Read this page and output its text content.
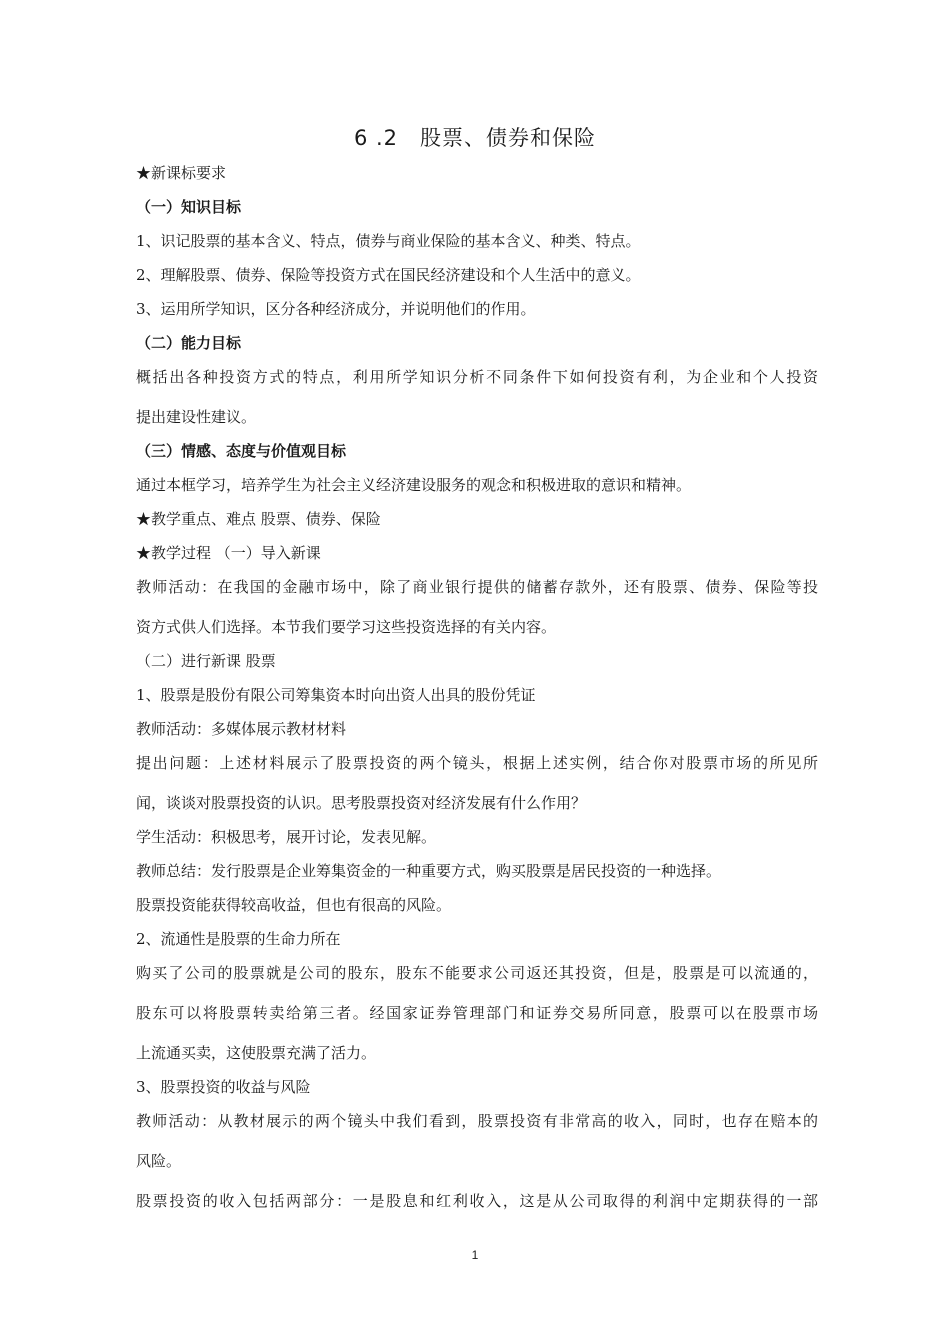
6 .2　股票、债券和保险

★新课标要求

（一）知识目标

1、识记股票的基本含义、特点，债券与商业保险的基本含义、种类、特点。

2、理解股票、债券、保险等投资方式在国民经济建设和个人生活中的意义。

3、运用所学知识，区分各种经济成分，并说明他们的作用。

（二）能力目标

概括出各种投资方式的特点，利用所学知识分析不同条件下如何投资有利，为企业和个人投资

提出建设性建议。

（三）情感、态度与价值观目标

通过本框学习，培养学生为社会主义经济建设服务的观念和积极进取的意识和精神。

★教学重点、难点 股票、债券、保险

★教学过程 （一）导入新课

教师活动：在我国的金融市场中，除了商业银行提供的储蓄存款外，还有股票、债券、保险等投

资方式供人们选择。本节我们要学习这些投资选择的有关内容。

（二）进行新课 股票

1、股票是股份有限公司筹集资本时向出资人出具的股份凭证

教师活动：多媒体展示教材材料

提出问题：上述材料展示了股票投资的两个镜头，根据上述实例，结合你对股票市场的所见所

闻，谈谈对股票投资的认识。思考股票投资对经济发展有什么作用？

学生活动：积极思考，展开讨论，发表见解。

教师总结：发行股票是企业筹集资金的一种重要方式，购买股票是居民投资的一种选择。

股票投资能获得较高收益，但也有很高的风险。

2、流通性是股票的生命力所在

购买了公司的股票就是公司的股东，股东不能要求公司返还其投资，但是，股票是可以流通的，

股东可以将股票转卖给第三者。经国家证券管理部门和证券交易所同意，股票可以在股票市场

上流通买卖，这使股票充满了活力。

3、股票投资的收益与风险

教师活动：从教材展示的两个镜头中我们看到，股票投资有非常高的收入，同时，也存在赔本的

风险。

股票投资的收入包括两部分：一是股息和红利收入，这是从公司取得的利润中定期获得的一部

1
